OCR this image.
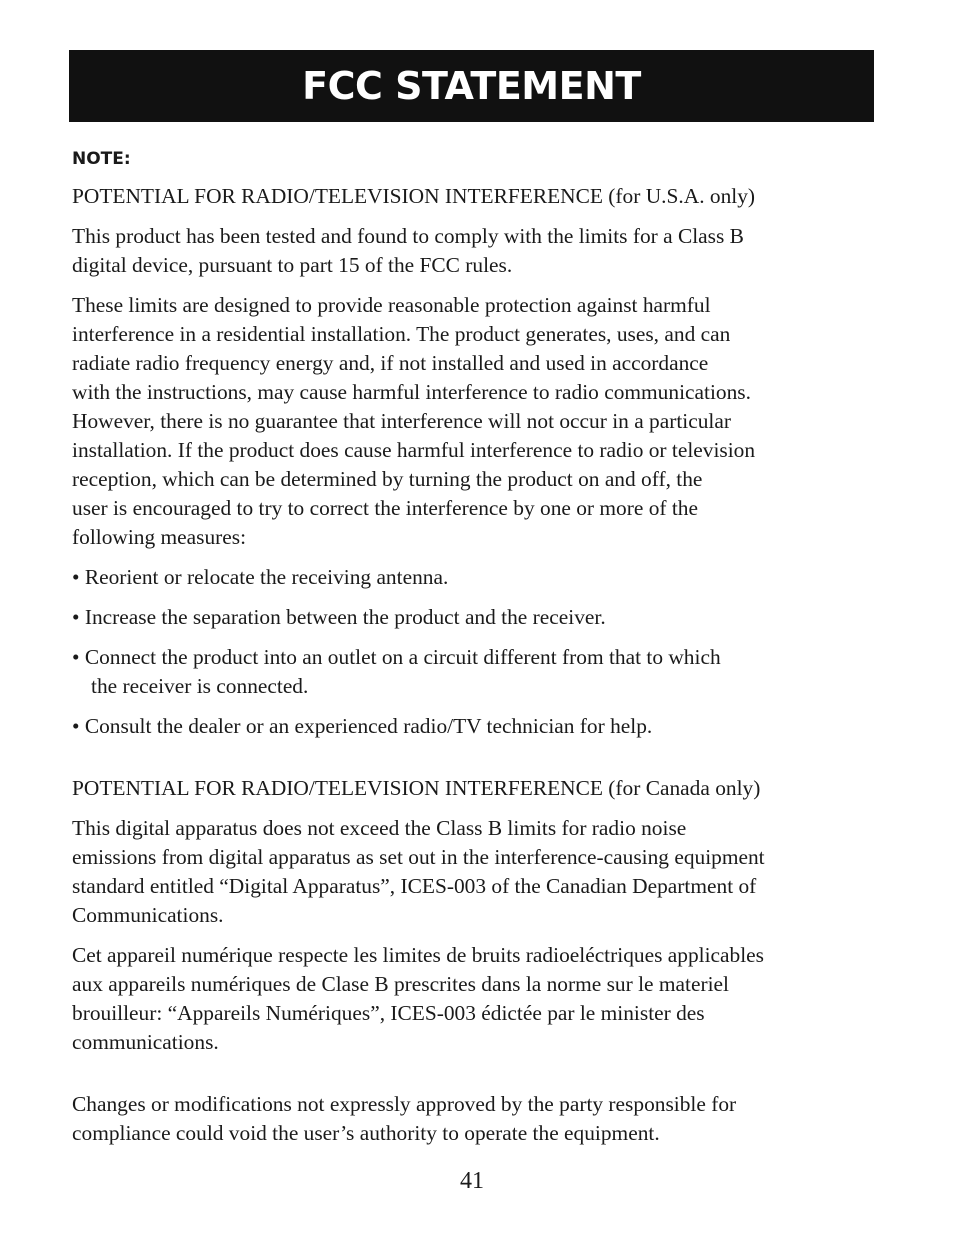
FCC STATEMENT
NOTE:

POTENTIAL FOR RADIO/TELEVISION INTERFERENCE (for U.S.A. only)

This product has been tested and found to comply with the limits for a Class B
digital device, pursuant to part 15 of the FCC rules.

These limits are designed to provide reasonable protection against harmful
interference in a residential installation. The product generates, uses, and can
radiate radio frequency energy and, if not installed and used in accordance
with the instructions, may cause harmful interference to radio communications.
However, there is no guarantee that interference will not occur in a particular
installation. If the product does cause harmful interference to radio or television
reception, which can be determined by turning the product on and off, the
user is encouraged to try to correct the interference by one or more of the
following measures:

• Reorient or relocate the receiving antenna.
• Increase the separation between the product and the receiver.
• Connect the product into an outlet on a circuit different from that to which
the receiver is connected.
• Consult the dealer or an experienced radio/TV technician for help.

POTENTIAL FOR RADIO/TELEVISION INTERFERENCE (for Canada only)

This digital apparatus does not exceed the Class B limits for radio noise
emissions from digital apparatus as set out in the interference-causing equipment
standard entitled “Digital Apparatus”, ICES-003 of the Canadian Department of
Communications.

Cet appareil numérique respecte les limites de bruits radioeléctriques applicables
aux appareils numériques de Clase B prescrites dans la norme sur le materiel
brouilleur: “Appareils Numériques”, ICES-003 édictée par le minister des
communications.

Changes or modifications not expressly approved by the party responsible for
compliance could void the user’s authority to operate the equipment.

41
